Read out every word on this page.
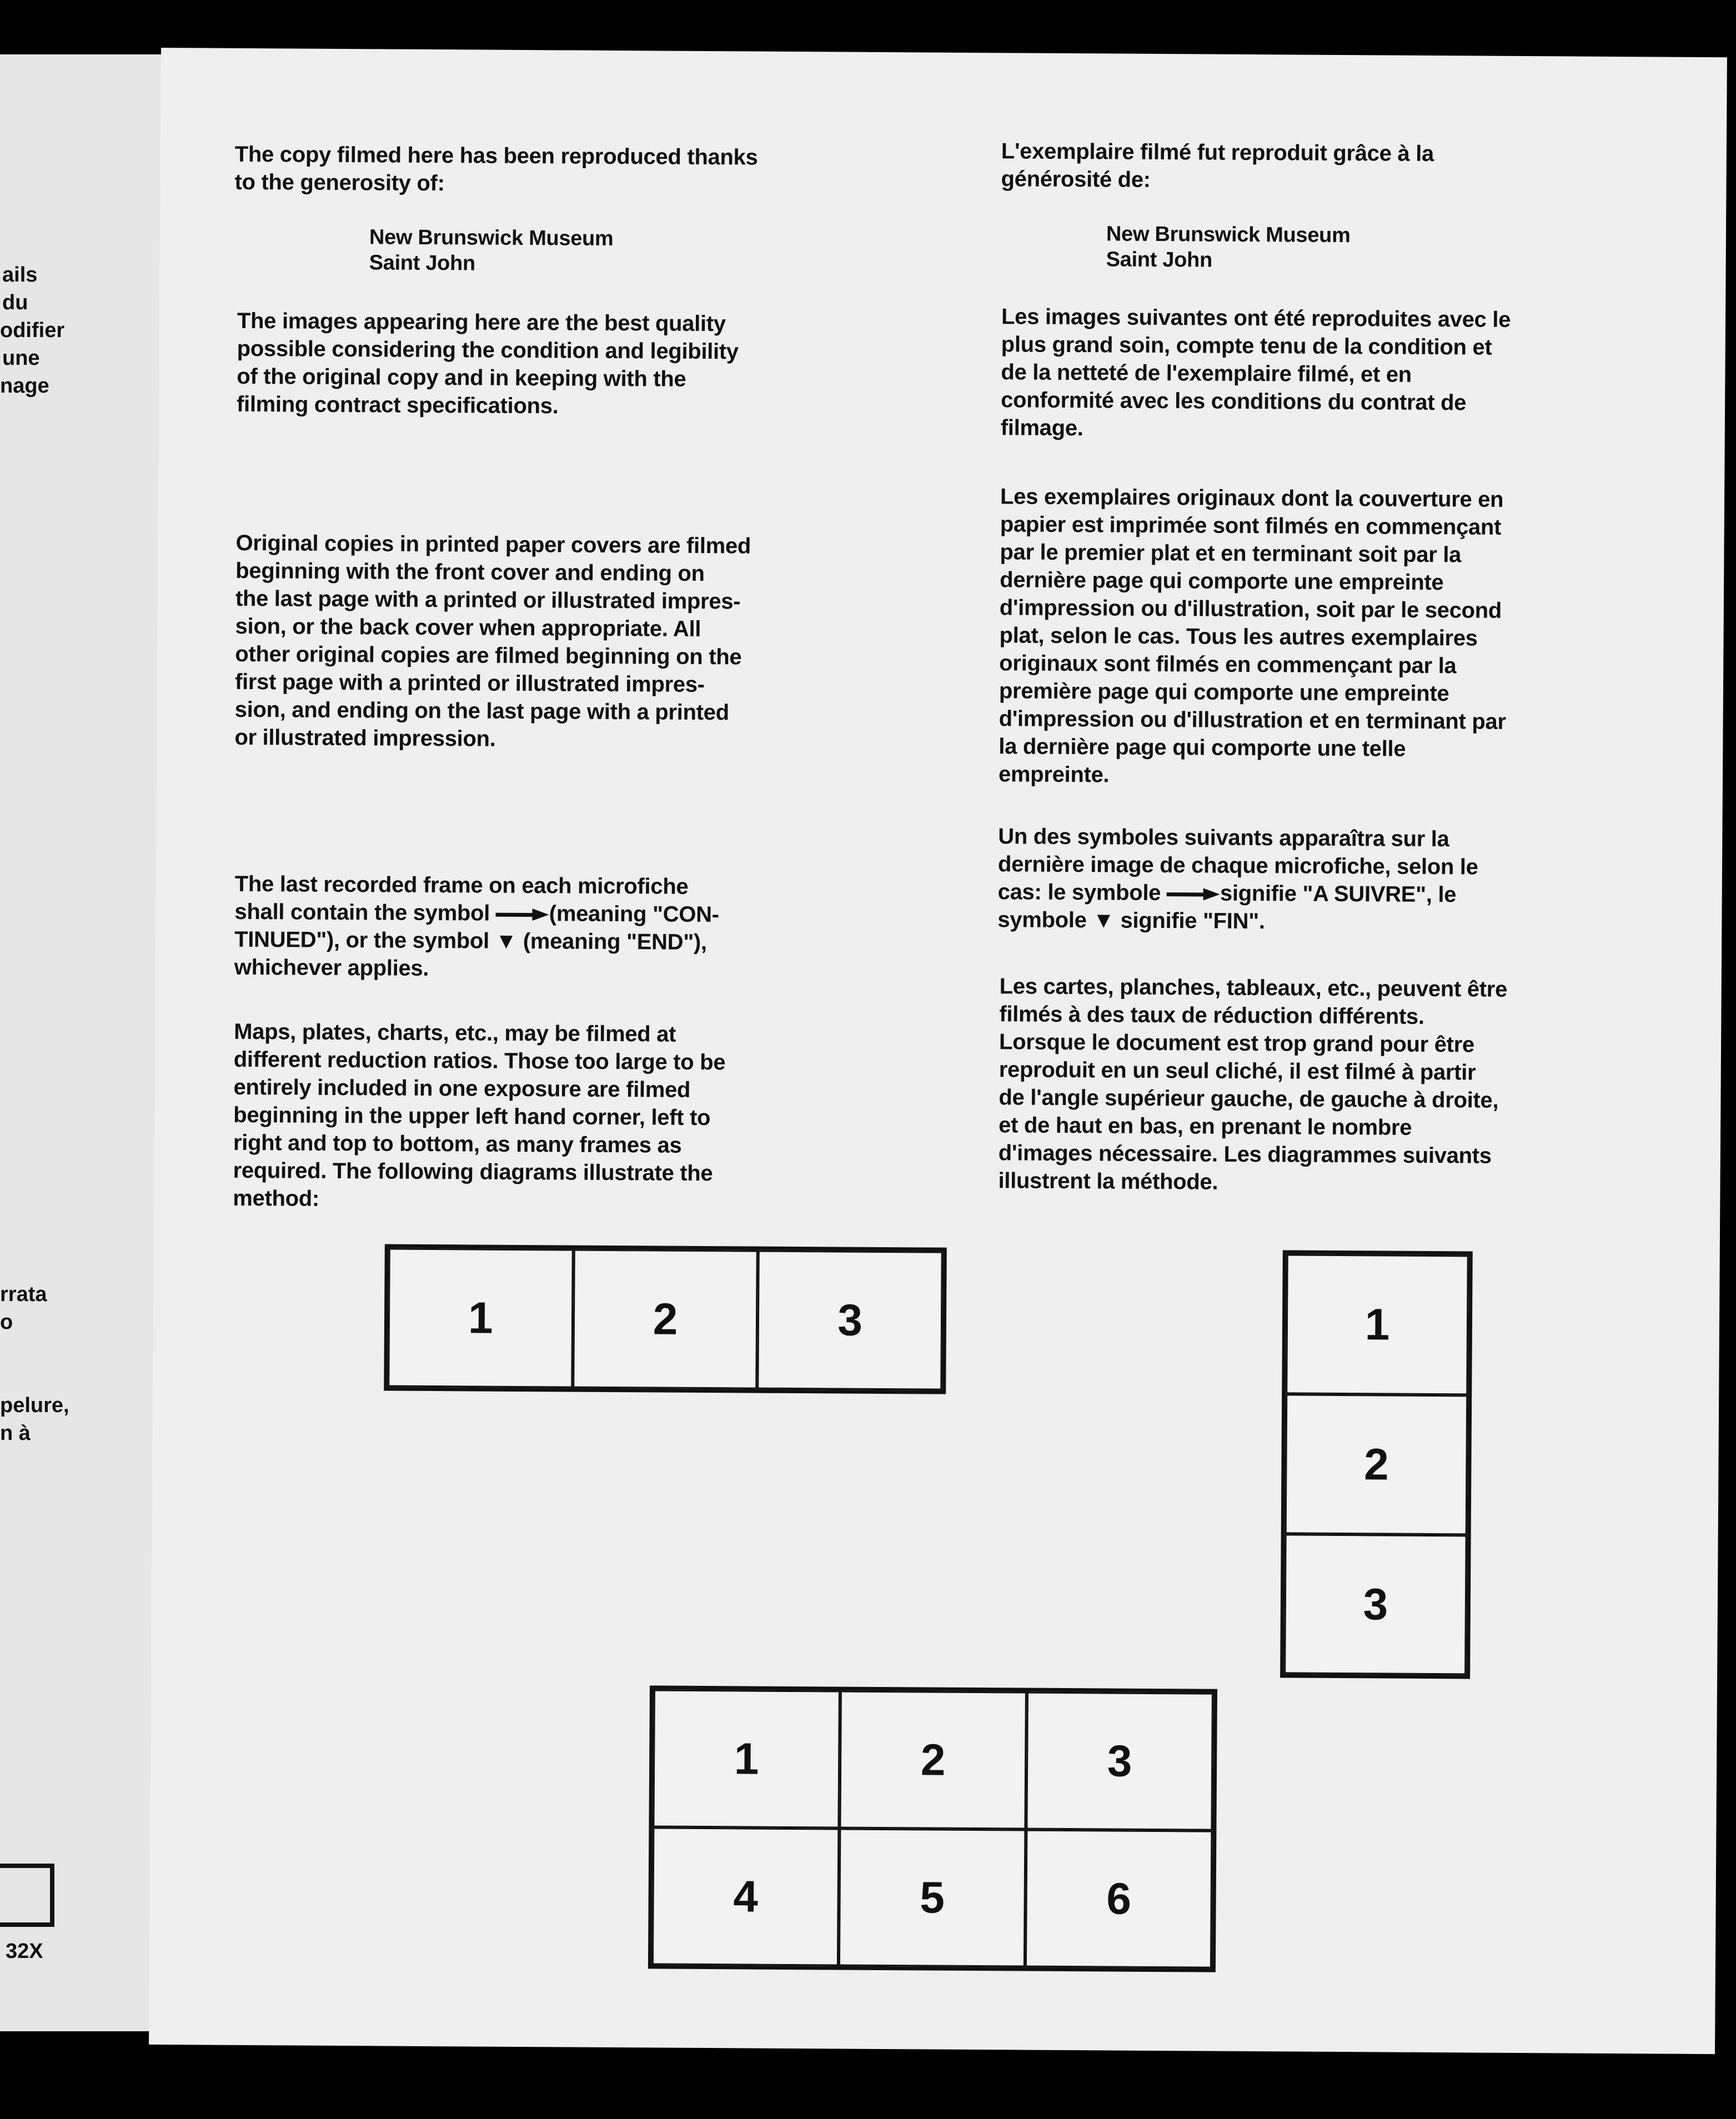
ails
du
odifier
une
nage
rrata
o
pelure,
n à
32X

The copy filmed here has been reproduced thanks
to the generosity of:

New Brunswick Museum
Saint John

The images appearing here are the best quality
possible considering the condition and legibility
of the original copy and in keeping with the
filming contract specifications.

Original copies in printed paper covers are filmed
beginning with the front cover and ending on
the last page with a printed or illustrated impres-
sion, or the back cover when appropriate. All
other original copies are filmed beginning on the
first page with a printed or illustrated impres-
sion, and ending on the last page with a printed
or illustrated impression.

The last recorded frame on each microfiche
shall contain the symbol	(meaning "CON-
TINUED"), or the symbol ▼ (meaning "END"),
whichever applies.

Maps, plates, charts, etc., may be filmed at
different reduction ratios. Those too large to be
entirely included in one exposure are filmed
beginning in the upper left hand corner, left to
right and top to bottom, as many frames as
required. The following diagrams illustrate the
method:

L'exemplaire filmé fut reproduit grâce à la
générosité de:

New Brunswick Museum
Saint John

Les images suivantes ont été reproduites avec le
plus grand soin, compte tenu de la condition et
de la netteté de l'exemplaire filmé, et en
conformité avec les conditions du contrat de
filmage.

Les exemplaires originaux dont la couverture en
papier est imprimée sont filmés en commençant
par le premier plat et en terminant soit par la
dernière page qui comporte une empreinte
d'impression ou d'illustration, soit par le second
plat, selon le cas. Tous les autres exemplaires
originaux sont filmés en commençant par la
première page qui comporte une empreinte
d'impression ou d'illustration et en terminant par
la dernière page qui comporte une telle
empreinte.

Un des symboles suivants apparaîtra sur la
dernière image de chaque microfiche, selon le
cas: le symbole	signifie "A SUIVRE", le
symbole ▼ signifie "FIN".

Les cartes, planches, tableaux, etc., peuvent être
filmés à des taux de réduction différents.
Lorsque le document est trop grand pour être
reproduit en un seul cliché, il est filmé à partir
de l'angle supérieur gauche, de gauche à droite,
et de haut en bas, en prenant le nombre
d'images nécessaire. Les diagrammes suivants
illustrent la méthode.

1	2	3	1
2
3
1	2	3
4	5	6
